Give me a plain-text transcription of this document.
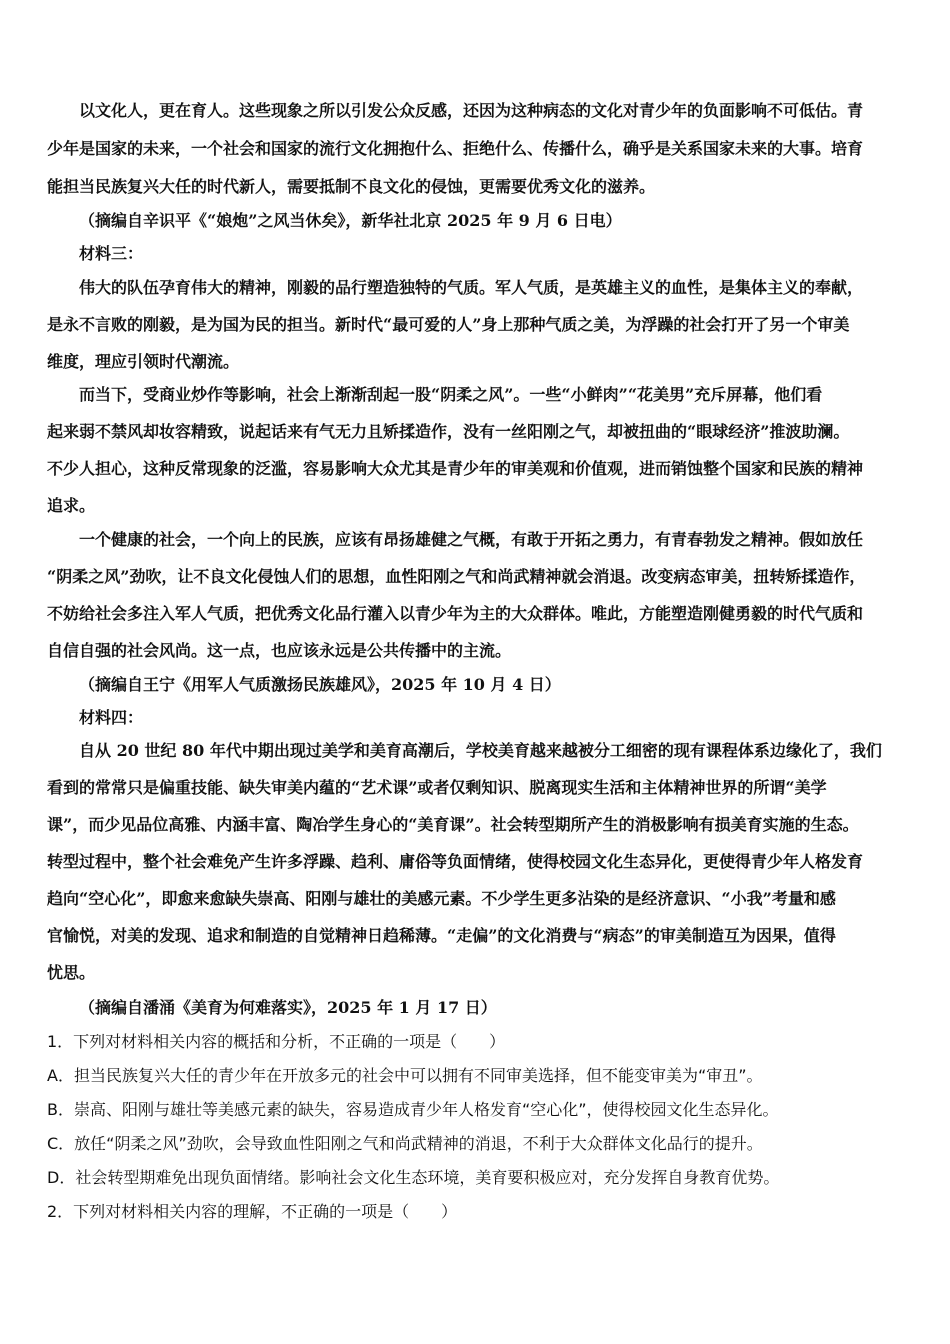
以文化人，更在育人。这些现象之所以引发公众反感，还因为这种病态的文化对青少年的负面影响不可低估。青
少年是国家的未来，一个社会和国家的流行文化拥抱什么、拒绝什么、传播什么，确乎是关系国家未来的大事。培育
能担当民族复兴大任的时代新人，需要抵制不良文化的侵蚀，更需要优秀文化的滋养。
（摘编自辛识平《“娘炮”之风当休矣》，新华社北京 2025 年 9 月 6 日电）
材料三：
伟大的队伍孕育伟大的精神，刚毅的品行塑造独特的气质。军人气质，是英雄主义的血性，是集体主义的奉献，
是永不言败的刚毅，是为国为民的担当。新时代“最可爱的人”身上那种气质之美，为浮躁的社会打开了另一个审美
维度，理应引领时代潮流。
而当下，受商业炒作等影响，社会上渐渐刮起一股“阴柔之风”。一些“小鲜肉”“花美男”充斥屏幕，他们看
起来弱不禁风却妆容精致，说起话来有气无力且矫揉造作，没有一丝阳刚之气，却被扭曲的“眼球经济”推波助澜。
不少人担心，这种反常现象的泛滥，容易影响大众尤其是青少年的审美观和价值观，进而销蚀整个国家和民族的精神
追求。
一个健康的社会，一个向上的民族，应该有昂扬雄健之气概，有敢于开拓之勇力，有青春勃发之精神。假如放任
“阴柔之风”劲吹，让不良文化侵蚀人们的思想，血性阳刚之气和尚武精神就会消退。改变病态审美，扭转矫揉造作，
不妨给社会多注入军人气质，把优秀文化品行灌入以青少年为主的大众群体。唯此，方能塑造刚健勇毅的时代气质和
自信自强的社会风尚。这一点，也应该永远是公共传播中的主流。
（摘编自王宁《用军人气质激扬民族雄风》，2025 年 10 月 4 日）
材料四：
自从 20 世纪 80 年代中期出现过美学和美育高潮后，学校美育越来越被分工细密的现有课程体系边缘化了，我们
看到的常常只是偏重技能、缺失审美内蕴的“艺术课”或者仅剩知识、脱离现实生活和主体精神世界的所谓“美学
课”，而少见品位高雅、内涵丰富、陶冶学生身心的“美育课”。社会转型期所产生的消极影响有损美育实施的生态。
转型过程中，整个社会难免产生许多浮躁、趋利、庸俗等负面情绪，使得校园文化生态异化，更使得青少年人格发育
趋向“空心化”，即愈来愈缺失崇高、阳刚与雄壮的美感元素。不少学生更多沾染的是经济意识、“小我”考量和感
官愉悦，对美的发现、追求和制造的自觉精神日趋稀薄。“走偏”的文化消费与“病态”的审美制造互为因果，值得
忧思。
（摘编自潘涌《美育为何难落实》，2025 年 1 月 17 日）
1．下列对材料相关内容的概括和分析，不正确的一项是（　　）
A．担当民族复兴大任的青少年在开放多元的社会中可以拥有不同审美选择，但不能变审美为“审丑”。
B．崇高、阳刚与雄壮等美感元素的缺失，容易造成青少年人格发育“空心化”，使得校园文化生态异化。
C．放任“阴柔之风”劲吹，会导致血性阳刚之气和尚武精神的消退，不利于大众群体文化品行的提升。
D．社会转型期难免出现负面情绪。影响社会文化生态环境，美育要积极应对，充分发挥自身教育优势。
2．下列对材料相关内容的理解，不正确的一项是（　　）
